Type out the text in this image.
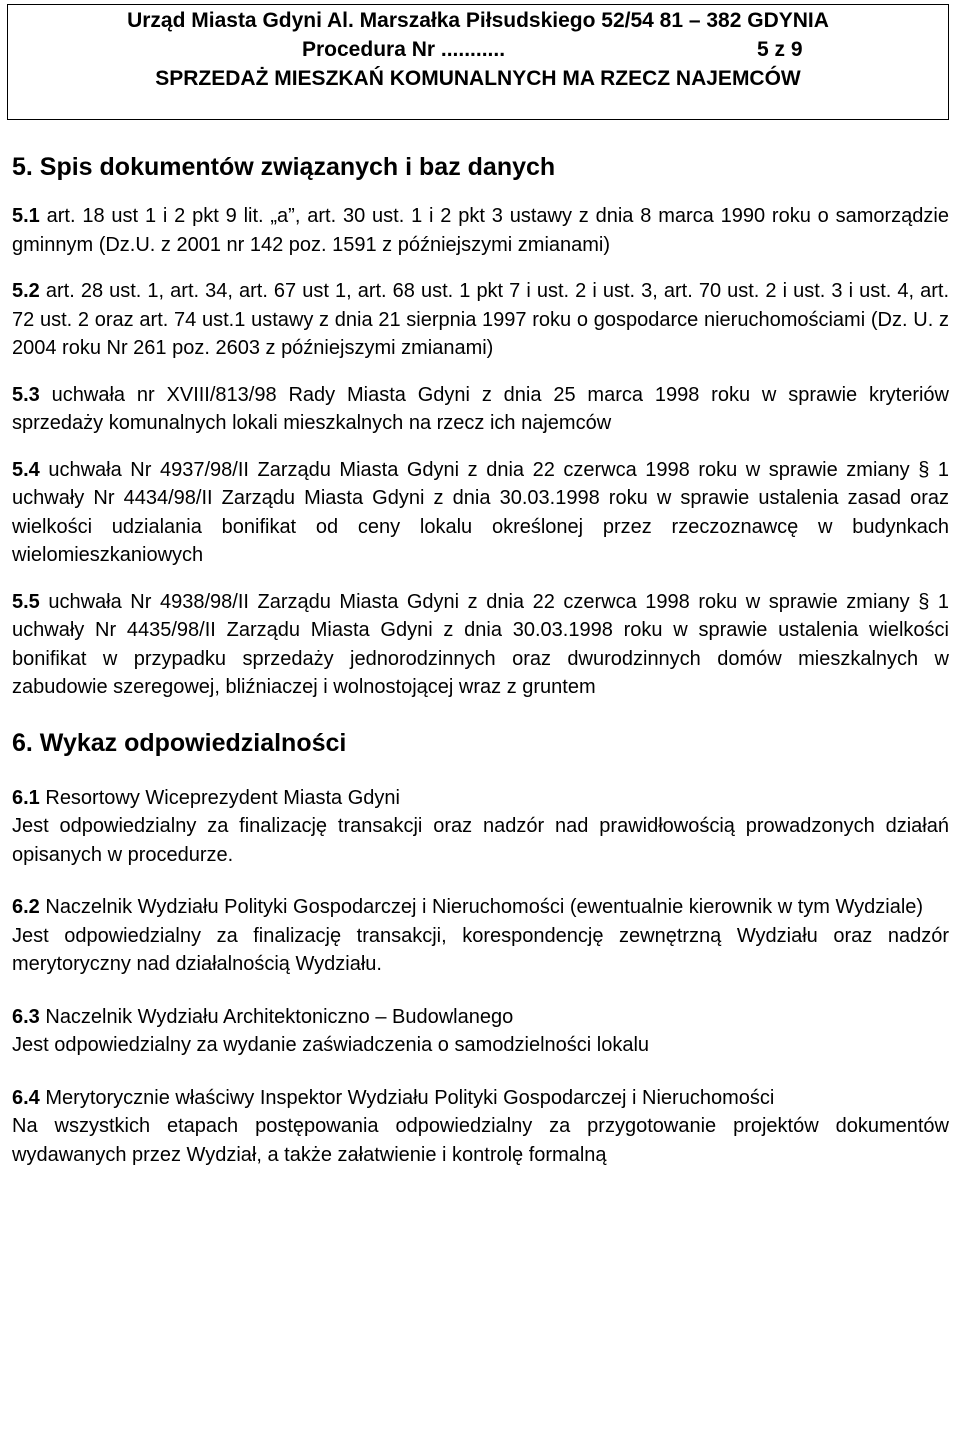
Urząd Miasta Gdyni Al. Marszałka Piłsudskiego 52/54 81 – 382 GDYNIA
Procedura Nr ...........	5 z 9
SPRZEDAŻ MIESZKAŃ KOMUNALNYCH MA RZECZ NAJEMCÓW
5. Spis dokumentów związanych i baz danych

5.1 art. 18 ust 1 i 2 pkt 9 lit. „a”, art. 30 ust. 1 i 2 pkt 3 ustawy z dnia 8 marca 1990 roku o samorządzie gminnym (Dz.U. z 2001 nr 142 poz. 1591 z późniejszymi zmianami)

5.2 art. 28 ust. 1, art. 34, art. 67 ust 1, art. 68 ust. 1 pkt 7 i ust. 2 i ust. 3, art. 70 ust. 2 i ust. 3 i ust. 4, art. 72 ust. 2 oraz art. 74 ust.1 ustawy z dnia 21 sierpnia 1997 roku o gospodarce nieruchomościami (Dz. U. z 2004 roku Nr 261 poz. 2603 z późniejszymi zmianami)

5.3 uchwała nr XVIII/813/98 Rady Miasta Gdyni z dnia 25 marca 1998 roku w sprawie kryteriów sprzedaży komunalnych lokali mieszkalnych na rzecz ich najemców

5.4 uchwała Nr 4937/98/II Zarządu Miasta Gdyni z dnia 22 czerwca 1998 roku w sprawie zmiany § 1 uchwały Nr 4434/98/II Zarządu Miasta Gdyni z dnia 30.03.1998 roku w sprawie ustalenia zasad oraz wielkości udzialania bonifikat od ceny lokalu określonej przez rzeczoznawcę w budynkach wielomieszkaniowych

5.5 uchwała Nr 4938/98/II Zarządu Miasta Gdyni z dnia 22 czerwca 1998 roku w sprawie zmiany § 1 uchwały Nr 4435/98/II Zarządu Miasta Gdyni z dnia 30.03.1998 roku w sprawie ustalenia wielkości bonifikat w przypadku sprzedaży jednorodzinnych oraz dwurodzinnych domów mieszkalnych w zabudowie szeregowej, bliźniaczej i wolnostojącej wraz z gruntem

6. Wykaz odpowiedzialności

6.1 Resortowy Wiceprezydent Miasta Gdyni
Jest odpowiedzialny za finalizację transakcji oraz nadzór nad prawidłowością prowadzonych działań opisanych w procedurze.

6.2 Naczelnik Wydziału Polityki Gospodarczej i Nieruchomości (ewentualnie kierownik w tym Wydziale)
Jest odpowiedzialny za finalizację transakcji, korespondencję zewnętrzną Wydziału oraz nadzór merytoryczny nad działalnością Wydziału.

6.3 Naczelnik Wydziału Architektoniczno – Budowlanego
Jest odpowiedzialny za wydanie zaświadczenia o samodzielności lokalu

6.4 Merytorycznie właściwy Inspektor Wydziału Polityki Gospodarczej i Nieruchomości
Na wszystkich etapach postępowania odpowiedzialny za przygotowanie projektów dokumentów wydawanych przez Wydział, a także załatwienie i kontrolę formalną
